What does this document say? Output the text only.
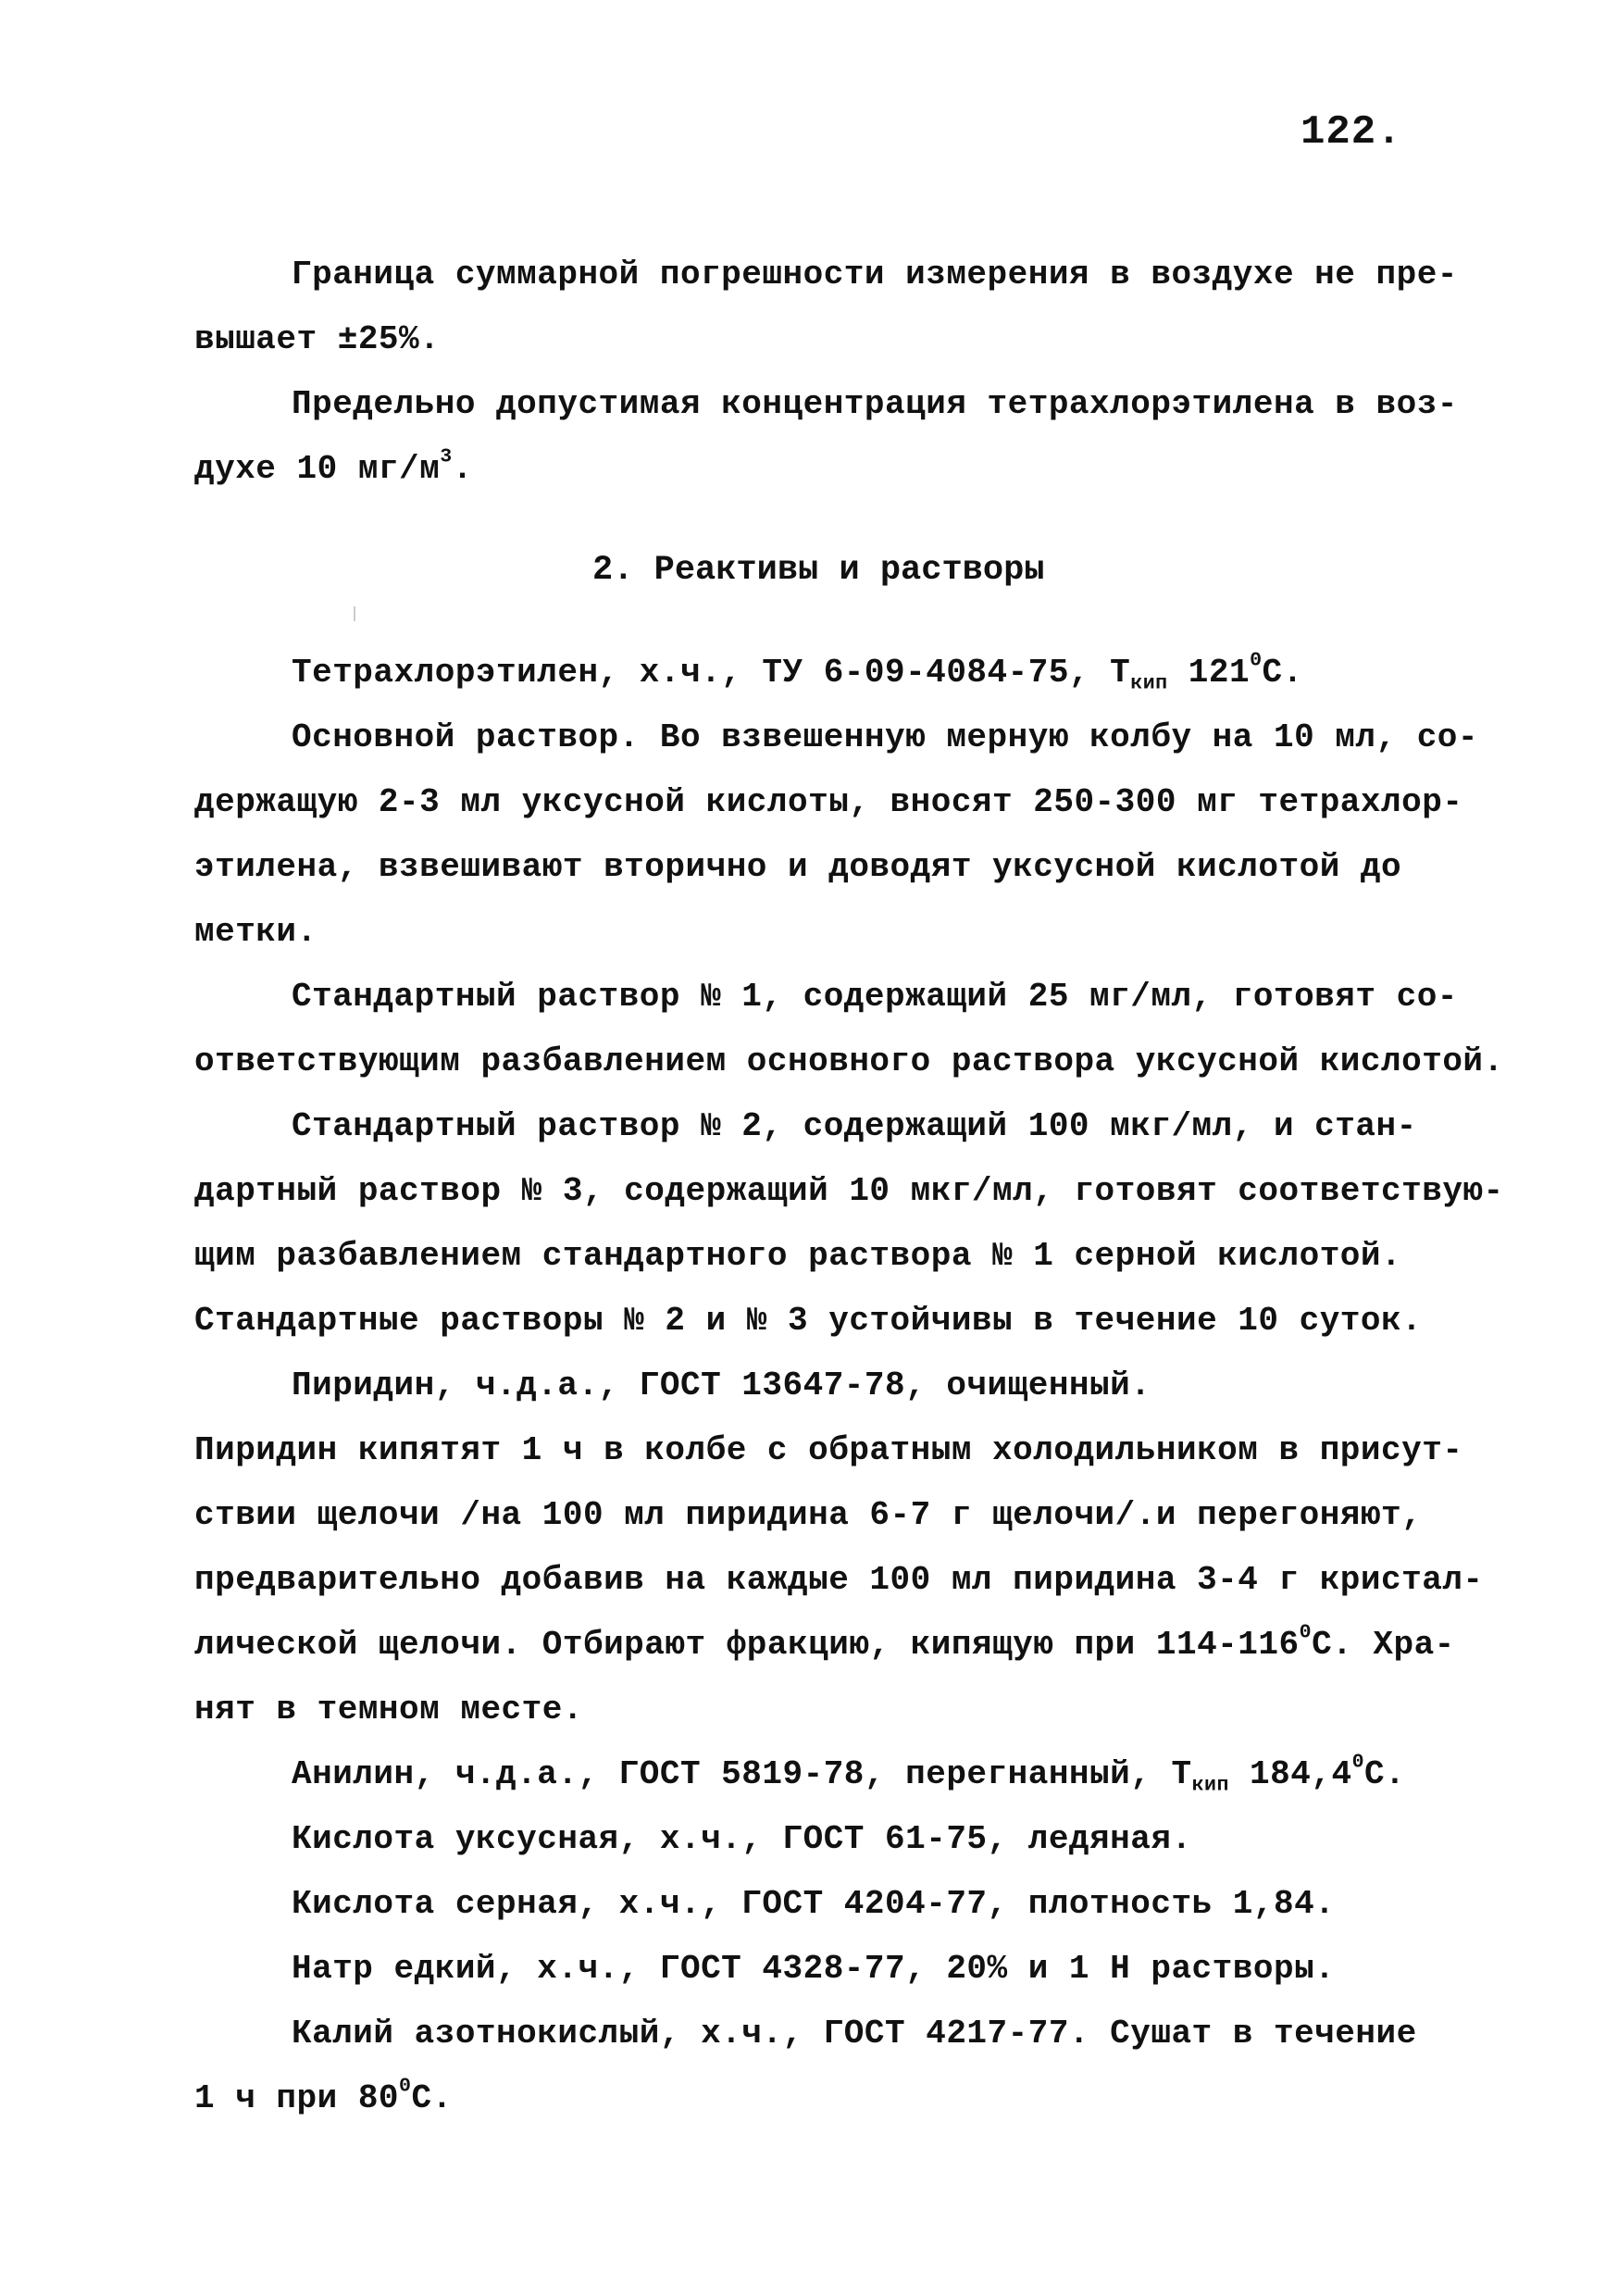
122.
Граница суммарной погрешности измерения в воздухе не пре-
вышает ±25%.
Предельно допустимая концентрация тетрахлорэтилена в воз-
духе 10 $мг/м^3$.
2. Реактивы и растворы
Тетрахлорэтилен, х.ч., ТУ 6-09-4084-75, $Т_{кип}$ $121^0С$.
Основной раствор. Во взвешенную мерную колбу на 10 мл, со-
держащую 2-3 мл уксусной кислоты, вносят 250-300 мг тетрахлор-
этилена, взвешивают вторично и доводят уксусной кислотой до
метки.
Стандартный раствор № 1, содержащий 25 мг/мл, готовят со-
ответствующим разбавлением основного раствора уксусной кислотой.
Стандартный раствор № 2, содержащий 100 мкг/мл, и стан-
дартный раствор № 3, содержащий 10 мкг/мл, готовят соответствую-
щим разбавлением стандартного раствора № 1 серной кислотой.
Стандартные растворы № 2 и № 3 устойчивы в течение 10 суток.
Пиридин, ч.д.а., ГОСТ 13647-78, очищенный.
Пиридин кипятят 1 ч в колбе с обратным холодильником в присут-
ствии щелочи /на 100 мл пиридина 6-7 г щелочи/.и перегоняют,
предварительно добавив на каждые 100 мл пиридина 3-4 г кристал-
лической щелочи. Отбирают фракцию, кипящую при $114-116^0С$. Хра-
нят в темном месте.
Анилин, ч.д.а., ГОСТ 5819-78, перегнанный, $Т_{кип}$ 184,4$^0$С.
Кислота уксусная, х.ч., ГОСТ 61-75, ледяная.
Кислота серная, х.ч., ГОСТ 4204-77, плотность 1,84.
Натр едкий, х.ч., ГОСТ 4328-77, 20% и 1 Н растворы.
Калий азотнокислый, х.ч., ГОСТ 4217-77. Сушат в течение
1 ч при $80^0С$.
